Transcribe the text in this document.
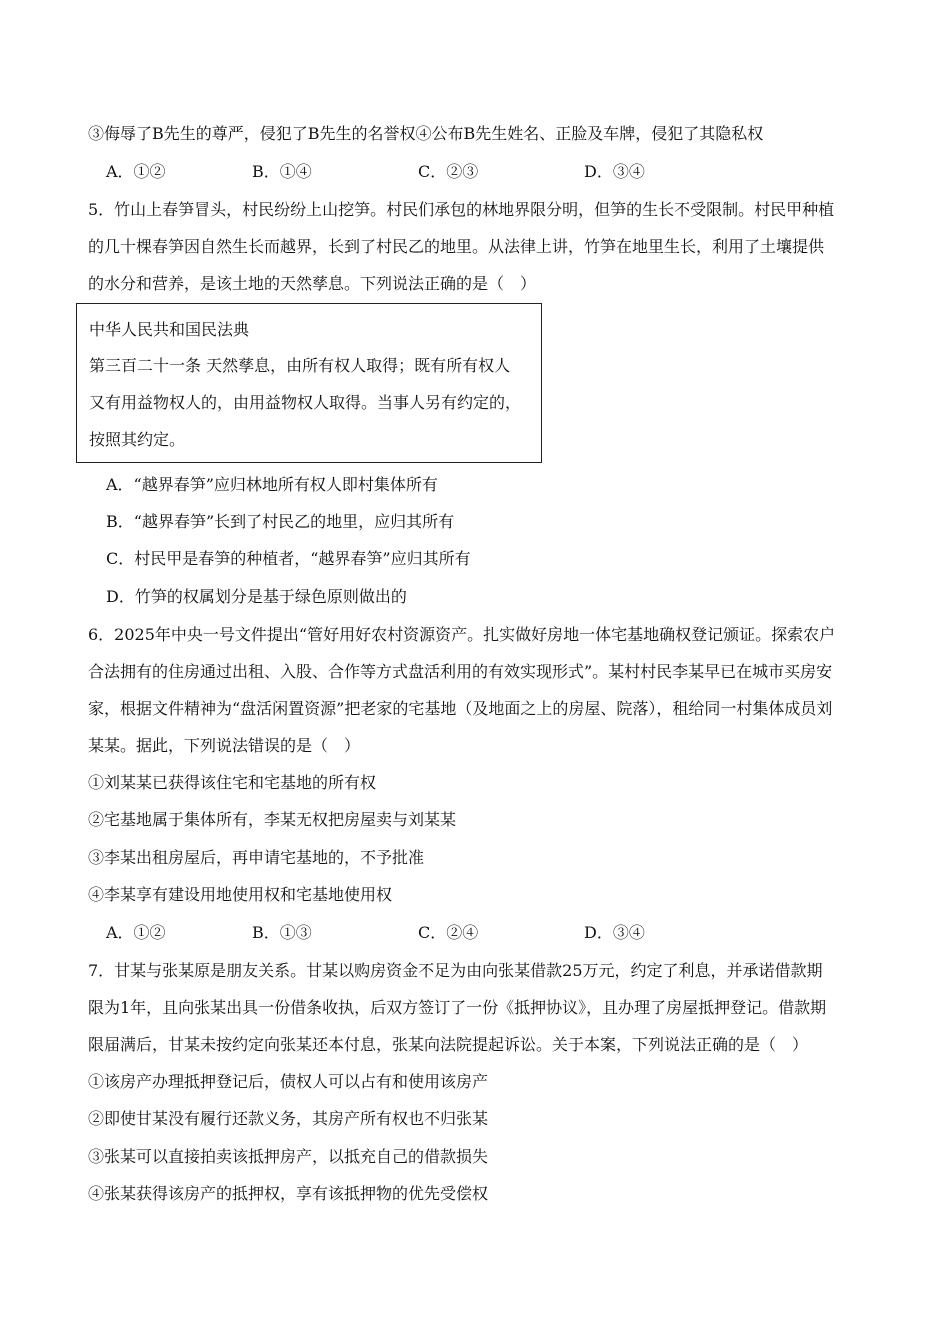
③侮辱了B先生的尊严，侵犯了B先生的名誉权④公布B先生姓名、正脸及车牌，侵犯了其隐私权
A．①②	B．①④	C．②③	D．③④
5．竹山上春笋冒头，村民纷纷上山挖笋。村民们承包的林地界限分明，但笋的生长不受限制。村民甲种植
的几十棵春笋因自然生长而越界，长到了村民乙的地里。从法律上讲，竹笋在地里生长，利用了土壤提供
的水分和营养，是该土地的天然孳息。下列说法正确的是（　）
中华人民共和国民法典
第三百二十一条 天然孳息，由所有权人取得；既有所有权人
又有用益物权人的，由用益物权人取得。当事人另有约定的，
按照其约定。
A．“越界春笋”应归林地所有权人即村集体所有
B．“越界春笋”长到了村民乙的地里，应归其所有
C．村民甲是春笋的种植者，“越界春笋”应归其所有
D．竹笋的权属划分是基于绿色原则做出的
6．2025年中央一号文件提出“管好用好农村资源资产。扎实做好房地一体宅基地确权登记颁证。探索农户
合法拥有的住房通过出租、入股、合作等方式盘活利用的有效实现形式”。某村村民李某早已在城市买房安
家，根据文件精神为“盘活闲置资源”把老家的宅基地（及地面之上的房屋、院落），租给同一村集体成员刘
某某。据此，下列说法错误的是（　）
①刘某某已获得该住宅和宅基地的所有权
②宅基地属于集体所有，李某无权把房屋卖与刘某某
③李某出租房屋后，再申请宅基地的，不予批准
④李某享有建设用地使用权和宅基地使用权
A．①②	B．①③	C．②④	D．③④
7．甘某与张某原是朋友关系。甘某以购房资金不足为由向张某借款25万元，约定了利息，并承诺借款期
限为1年，且向张某出具一份借条收执，后双方签订了一份《抵押协议》，且办理了房屋抵押登记。借款期
限届满后，甘某未按约定向张某还本付息，张某向法院提起诉讼。关于本案，下列说法正确的是（　）
①该房产办理抵押登记后，债权人可以占有和使用该房产
②即使甘某没有履行还款义务，其房产所有权也不归张某
③张某可以直接拍卖该抵押房产，以抵充自己的借款损失
④张某获得该房产的抵押权，享有该抵押物的优先受偿权
